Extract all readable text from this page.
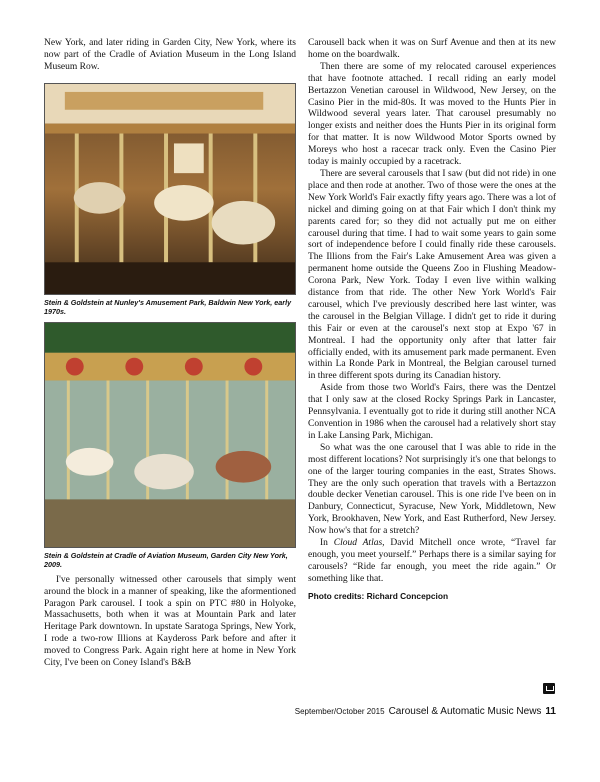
New York, and later riding in Garden City, New York, where its now part of the Cradle of Aviation Museum in the Long Island Museum Row.

Stein & Goldstein at Nunley's Amusement Park, Baldwin New York, early 1970s.
Stein & Goldstein at Cradle of Aviation Museum, Garden City New York, 2009.

I've personally witnessed other carousels that simply went around the block in a manner of speaking, like the aformentioned Paragon Park carousel. I took a spin on PTC #80 in Holyoke, Massachusetts, both when it was at Mountain Park and later Heritage Park downtown. In upstate Saratoga Springs, New York, I rode a two-row Illions at Kaydeross Park before and after it moved to Congress Park. Again right here at home in New York City, I've been on Coney Island's B&B

Carousell back when it was on Surf Avenue and then at its new home on the boardwalk.

Then there are some of my relocated carousel experiences that have footnote attached. I recall riding an early model Bertazzon Venetian carousel in Wildwood, New Jersey, on the Casino Pier in the mid-80s. It was moved to the Hunts Pier in Wildwood several years later. That carousel presumably no longer exists and neither does the Hunts Pier in its original form for that matter. It is now Wildwood Motor Sports owned by Moreys who host a racecar track only. Even the Casino Pier today is mainly occupied by a racetrack.

There are several carousels that I saw (but did not ride) in one place and then rode at another. Two of those were the ones at the New York World's Fair exactly fifty years ago. There was a lot of nickel and diming going on at that Fair which I don't think my parents cared for; so they did not actually put me on either carousel during that time. I had to wait some years to gain some sort of independence before I could finally ride these carousels. The Illions from the Fair's Lake Amusement Area was given a permanent home outside the Queens Zoo in Flushing Meadow- Corona Park, New York. Today I even live within walking distance from that ride. The other New York World's Fair carousel, which I've previously described here last winter, was the carousel in the Belgian Village. I didn't get to ride it during this Fair or even at the carousel's next stop at Expo '67 in Montreal. I had the opportunity only after that latter fair officially ended, with its amusement park made permanent. Even within La Ronde Park in Montreal, the Belgian carousel turned in three different spots during its Canadian history.

Aside from those two World's Fairs, there was the Dentzel that I only saw at the closed Rocky Springs Park in Lancaster, Pennsylvania. I eventually got to ride it during still another NCA Convention in 1986 when the carousel had a relatively short stay in Lake Lansing Park, Michigan.

So what was the one carousel that I was able to ride in the most different locations? Not surprisingly it's one that belongs to one of the larger touring companies in the east, Strates Shows. They are the only such operation that travels with a Bertazzon double decker Venetian carousel. This is one ride I've been on in Danbury, Connecticut, Syracuse, New York, Middletown, New York, Brookhaven, New York, and East Rutherford, New Jersey. Now how's that for a stretch?

In Cloud Atlas, David Mitchell once wrote, “Travel far enough, you meet yourself.” Perhaps there is a similar saying for carousels? “Ride far enough, you meet the ride again.” Or something like that.

Photo credits: Richard Concepcion
September/October 2015 Carousel & Automatic Music News 11
